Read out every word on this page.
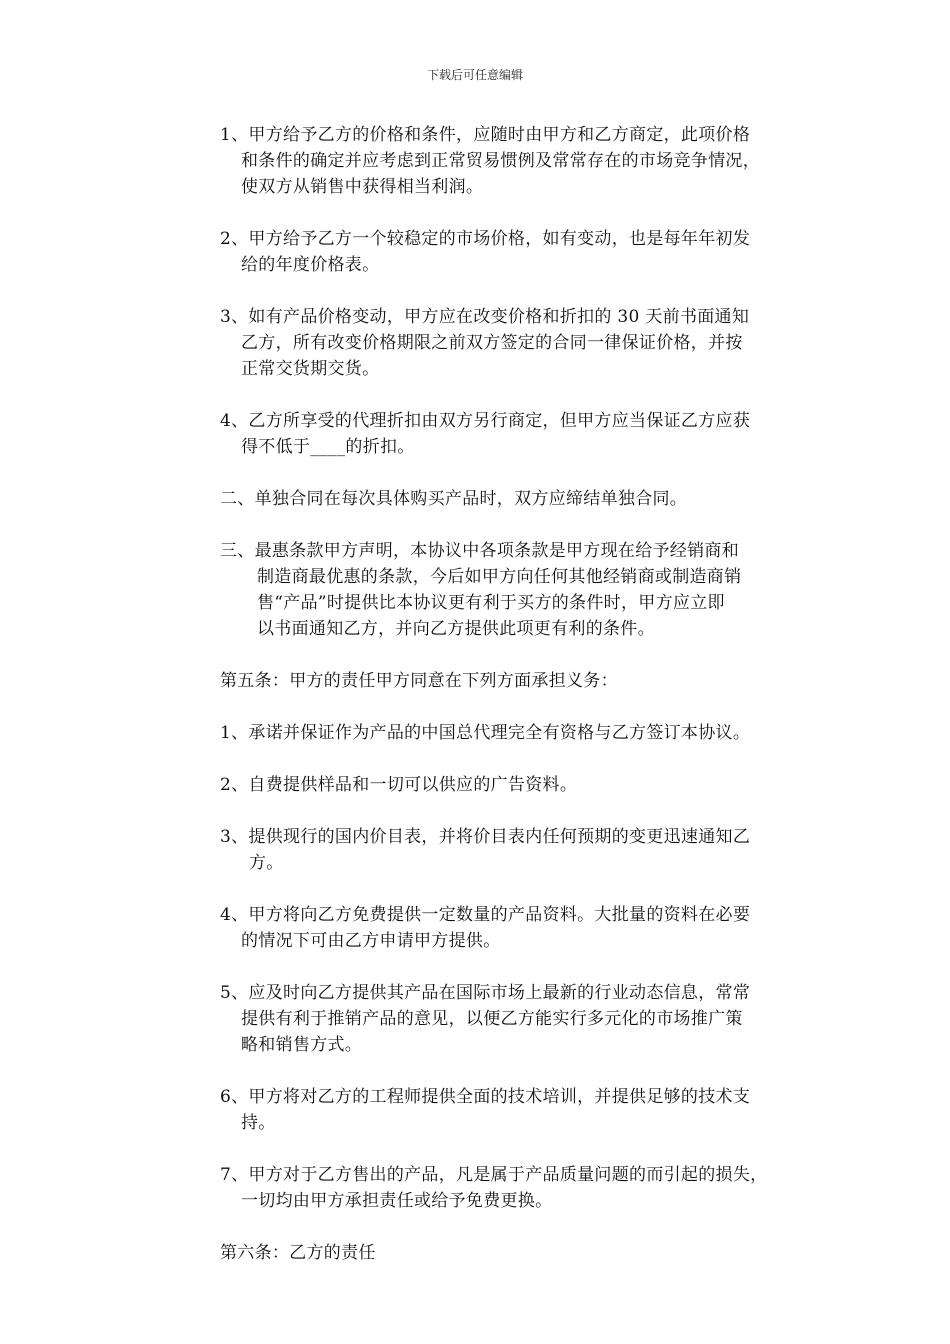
下载后可任意编辑
1、甲方给予乙方的价格和条件，应随时由甲方和乙方商定，此项价格
和条件的确定并应考虑到正常贸易惯例及常常存在的市场竞争情况，
使双方从销售中获得相当利润。
2、甲方给予乙方一个较稳定的市场价格，如有变动，也是每年年初发
给的年度价格表。
3、如有产品价格变动，甲方应在改变价格和折扣的 30 天前书面通知
乙方，所有改变价格期限之前双方签定的合同一律保证价格，并按
正常交货期交货。
4、乙方所享受的代理折扣由双方另行商定，但甲方应当保证乙方应获
得不低于____的折扣。
二、单独合同在每次具体购买产品时，双方应缔结单独合同。
三、最惠条款甲方声明，本协议中各项条款是甲方现在给予经销商和
制造商最优惠的条款，今后如甲方向任何其他经销商或制造商销
售“产品”时提供比本协议更有利于买方的条件时，甲方应立即
以书面通知乙方，并向乙方提供此项更有利的条件。
第五条：甲方的责任甲方同意在下列方面承担义务：
1、承诺并保证作为产品的中国总代理完全有资格与乙方签订本协议。
2、自费提供样品和一切可以供应的广告资料。
3、提供现行的国内价目表，并将价目表内任何预期的变更迅速通知乙
方。
4、甲方将向乙方免费提供一定数量的产品资料。大批量的资料在必要
的情况下可由乙方申请甲方提供。
5、应及时向乙方提供其产品在国际市场上最新的行业动态信息，常常
提供有利于推销产品的意见，以便乙方能实行多元化的市场推广策
略和销售方式。
6、甲方将对乙方的工程师提供全面的技术培训，并提供足够的技术支
持。
7、甲方对于乙方售出的产品，凡是属于产品质量问题的而引起的损失，
一切均由甲方承担责任或给予免费更换。
第六条：乙方的责任
